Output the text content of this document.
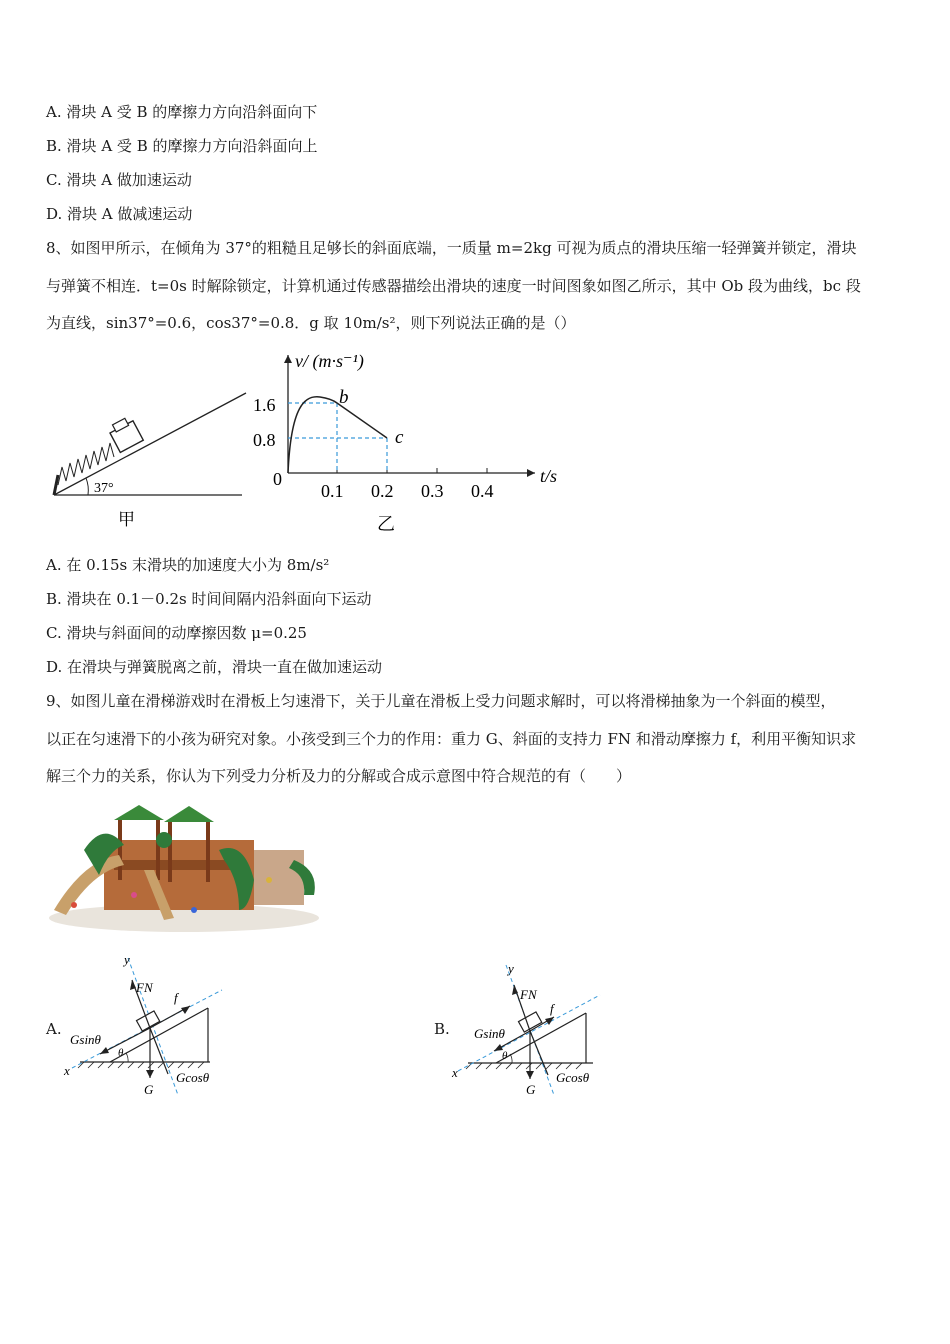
A. 滑块 A 受 B 的摩擦力方向沿斜面向下
B. 滑块 A 受 B 的摩擦力方向沿斜面向上
C. 滑块 A 做加速运动
D. 滑块 A 做减速运动
8、如图甲所示，在倾角为 37°的粗糙且足够长的斜面底端，一质量 m=2kg 可视为质点的滑块压缩一轻弹簧并锁定，滑块
与弹簧不相连．t=0s 时解除锁定，计算机通过传感器描绘出滑块的速度一时间图象如图乙所示，其中 Ob 段为曲线，bc 段
为直线，sin37°=0.6，cos37°=0.8．g 取 10m/s²，则下列说法正确的是（）
37°
甲
v/ (m·s⁻¹)
t/s
0
1.6
0.8
0.1 0.2 0.3 0.4
b
c
乙
A. 在 0.15s 末滑块的加速度大小为 8m/s²
B. 滑块在 0.1－0.2s 时间间隔内沿斜面向下运动
C. 滑块与斜面间的动摩擦因数 μ=0.25
D. 在滑块与弹簧脱离之前，滑块一直在做加速运动
9、如图儿童在滑梯游戏时在滑板上匀速滑下，关于儿童在滑板上受力问题求解时，可以将滑梯抽象为一个斜面的模型，
以正在匀速滑下的小孩为研究对象。小孩受到三个力的作用：重力 G、斜面的支持力 FN 和滑动摩擦力 f，利用平衡知识求
解三个力的关系，你认为下列受力分析及力的分解或合成示意图中符合规范的有（　　）
A.
y
x
FN
f
Gsinθ
θ
G
Gcosθ
B.
y
x
FN
f
Gsinθ
θ
G
Gcosθ
